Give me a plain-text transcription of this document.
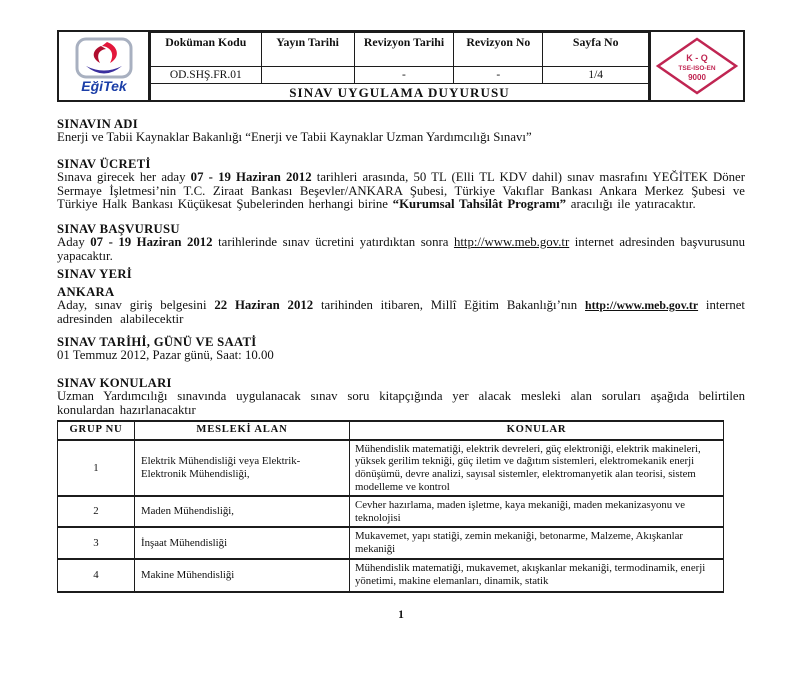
EğiTek
Doküman Kodu	Yayın Tarihi	Revizyon Tarihi	Revizyon No	Sayfa No
OD.SHŞ.FR.01		-	-	1/4
SINAV UYGULAMA DUYURUSU				
K - Q
TSE-ISO-EN
9000
SINAVIN ADI

Enerji ve Tabii Kaynaklar Bakanlığı “Enerji ve Tabii Kaynaklar Uzman Yardımcılığı Sınavı”

SINAV ÜCRETİ

Sınava girecek her aday 07 - 19 Haziran 2012 tarihleri arasında, 50 TL (Elli TL KDV dahil) sınav masrafını YEĞİTEK Döner Sermaye İşletmesi’nin T.C. Ziraat Bankası Beşevler/ANKARA Şubesi, Türkiye Vakıflar Bankası Ankara Merkez Şubesi ve Türkiye Halk Bankası Küçükesat Şubelerinden herhangi birine “Kurumsal Tahsilât Programı” aracılığı ile yatıracaktır.

SINAV BAŞVURUSU

Aday 07 - 19 Haziran 2012 tarihlerinde sınav ücretini yatırdıktan sonra http://www.meb.gov.tr internet adresinden başvurusunu yapacaktır.

SINAV YERİ
ANKARA

Aday, sınav giriş belgesini 22 Haziran 2012 tarihinden itibaren, Millî Eğitim Bakanlığı’nın http://www.meb.gov.tr internet adresinden alabilecektir

SINAV TARİHİ, GÜNÜ VE SAATİ

01 Temmuz 2012, Pazar günü, Saat: 10.00

SINAV KONULARI

Uzman Yardımcılığı sınavında uygulanacak sınav soru kitapçığında yer alacak mesleki alan soruları aşağıda belirtilen konulardan hazırlanacaktır

GRUP NU	MESLEKİ ALAN	KONULAR
1	Elektrik Mühendisliği veya Elektrik-Elektronik Mühendisliği,	Mühendislik matematiği, elektrik devreleri, güç elektroniği, elektrik makineleri, yüksek gerilim tekniği, güç iletim ve dağıtım sistemleri, elektromekanik enerji dönüşümü, devre analizi, sayısal sistemler, elektromanyetik alan teorisi, sistem modelleme ve kontrol
2	Maden Mühendisliği,	Cevher hazırlama, maden işletme, kaya mekaniği, maden mekanizasyonu ve teknolojisi
3	İnşaat Mühendisliği	Mukavemet, yapı statiği, zemin mekaniği, betonarme, Malzeme, Akışkanlar mekaniği
4	Makine Mühendisliği	Mühendislik matematiği, mukavemet, akışkanlar mekaniği, termodinamik, enerji yönetimi, makine elemanları, dinamik, statik
1
